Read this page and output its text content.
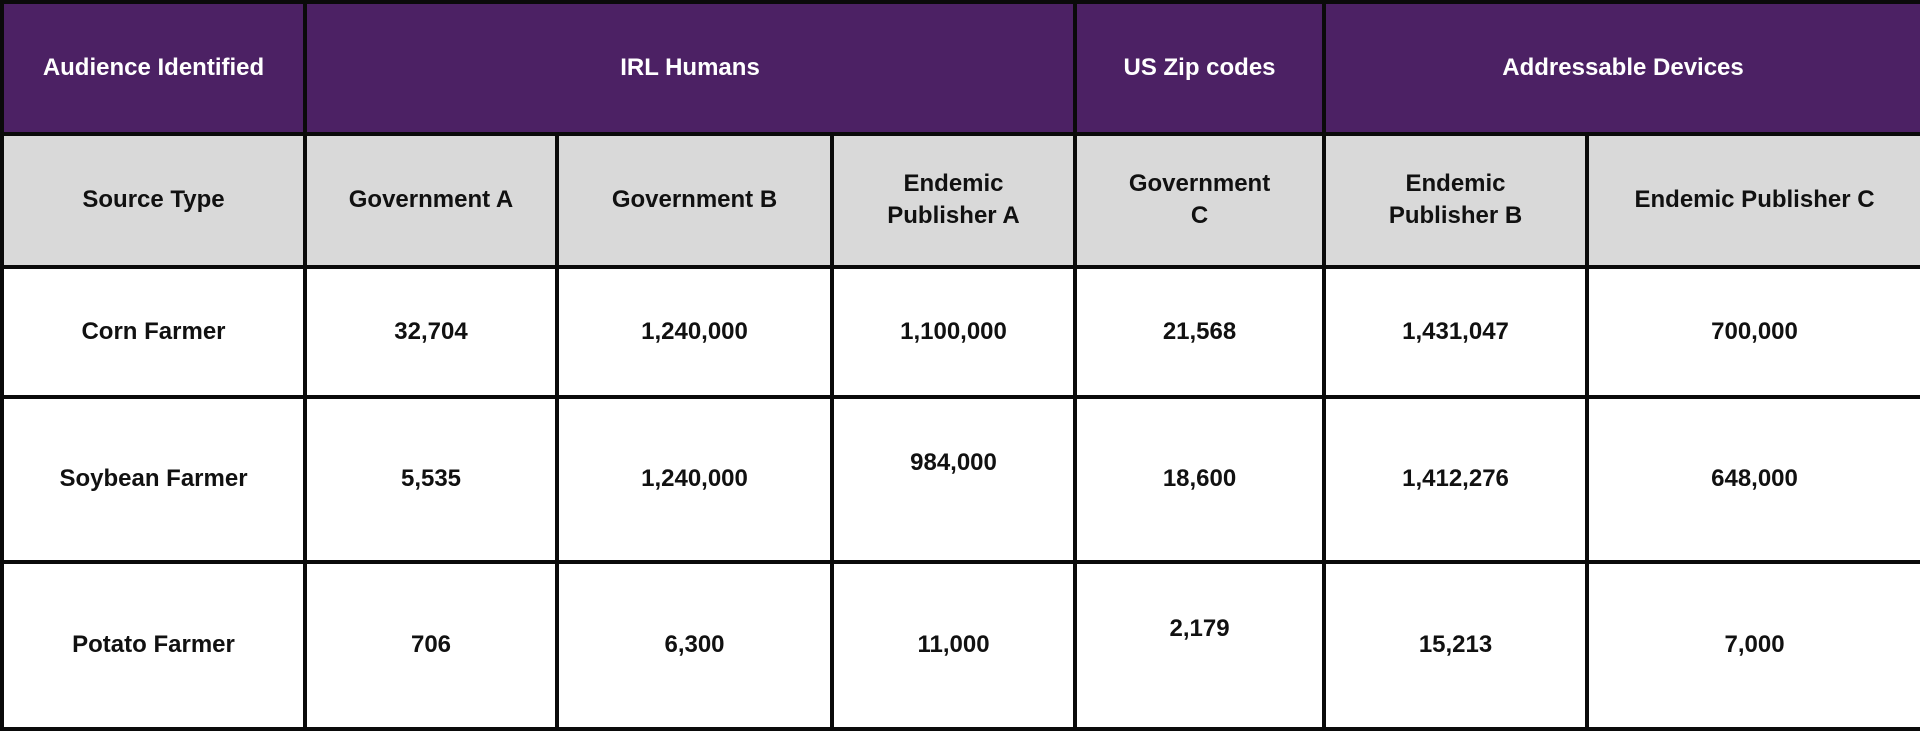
Audience Identified	IRL Humans			US Zip codes	Addressable Devices	
Source Type	Government A	Government B	Endemic Publisher A	Government C	Endemic Publisher B	Endemic Publisher C
Corn Farmer	32,704	1,240,000	1,100,000	21,568	1,431,047	700,000
Soybean Farmer	5,535	1,240,000	984,000	18,600	1,412,276	648,000
Potato Farmer	706	6,300	11,000	2,179	15,213	7,000
